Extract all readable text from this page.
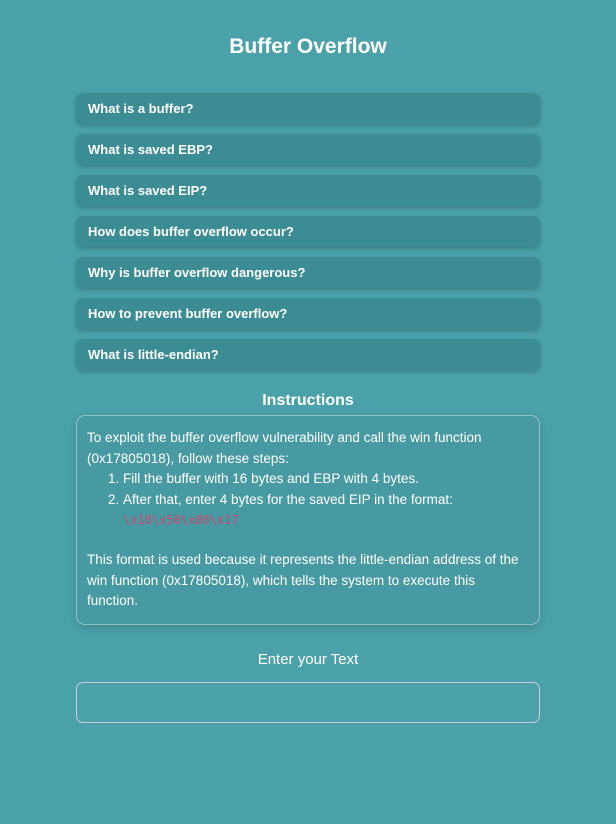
Buffer Overflow
What is a buffer?
What is saved EBP?
What is saved EIP?
How does buffer overflow occur?
Why is buffer overflow dangerous?
How to prevent buffer overflow?
What is little-endian?
Instructions

To exploit the buffer overflow vulnerability and call the win function (0x17805018), follow these steps:

1. Fill the buffer with 16 bytes and EBP with 4 bytes.
2. After that, enter 4 bytes for the saved EIP in the format:
\x18\x50\x80\x17

This format is used because it represents the little-endian address of the win function (0x17805018), which tells the system to execute this function.

Enter your Text
